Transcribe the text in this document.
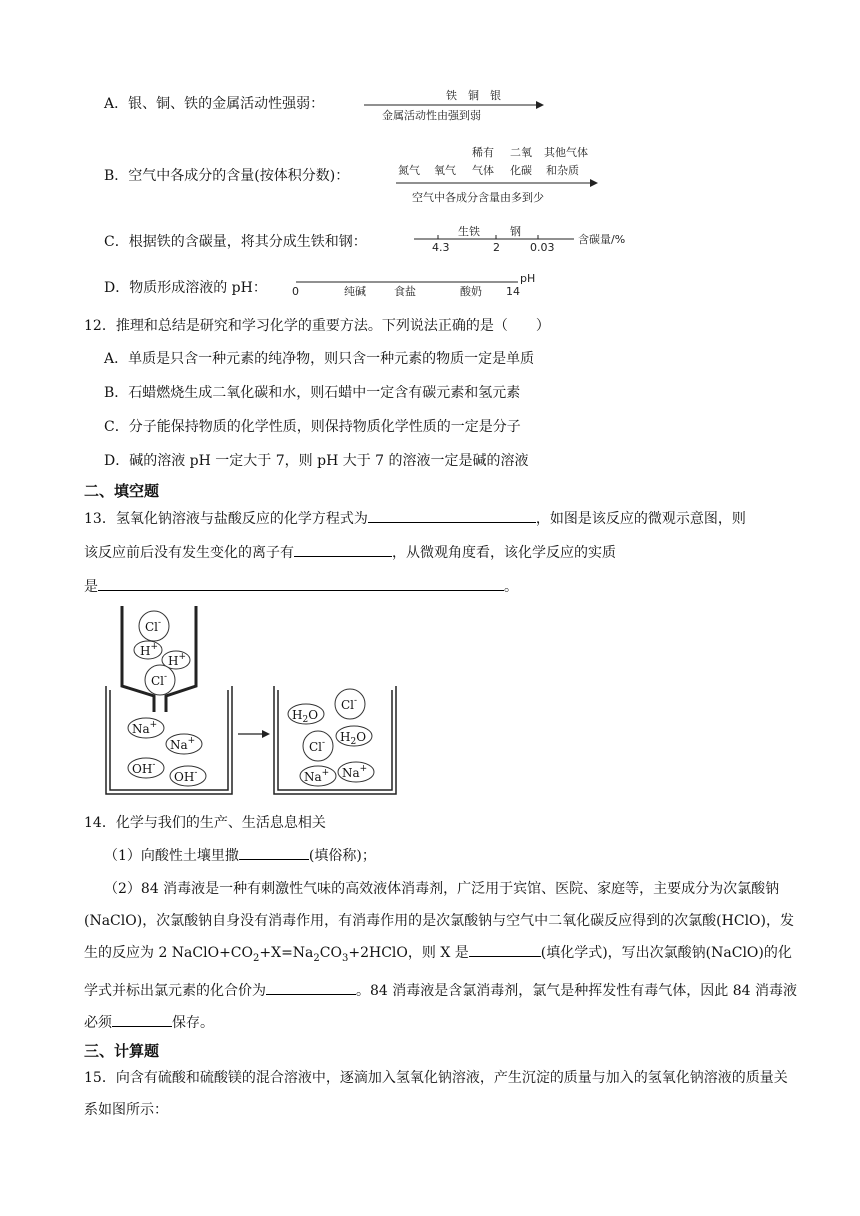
A．银、铜、铁的金属活动性强弱：
铁　铜　银
金属活动性由强到弱
B．空气中各成分的含量(按体积分数)：	氮气 氧气
稀有
气体
二氧
化碳
其他气体
和杂质
空气中各成分含量由多到少
C．根据铁的含碳量，将其分成生铁和钢：
生铁	钢
4.3	2	0.03
含碳量/%
D．物质形成溶液的 pH： 0	纯碱	食盐	酸奶 14
pH
12．推理和总结是研究和学习化学的重要方法。下列说法正确的是（　　）
A．单质是只含一种元素的纯净物，则只含一种元素的物质一定是单质
B．石蜡燃烧生成二氧化碳和水，则石蜡中一定含有碳元素和氢元素
C．分子能保持物质的化学性质，则保持物质化学性质的一定是分子
D．碱的溶液 pH 一定大于 7，则 pH 大于 7 的溶液一定是碱的溶液
二、填空题
13．氢氧化钠溶液与盐酸反应的化学方程式为	，如图是该反应的微观示意图，则
该反应前后没有发生变化的离子有	，从微观角度看，该化学反应的实质
是	。
Cl-
H+
H+
Cl-
Na+
Na+
OH-
OH-
$H_2O$
Cl-
$H_2O$
Cl-
Na+ Na+
14．化学与我们的生产、生活息息相关
（1）向酸性土壤里撒	(填俗称)；
（2）84 消毒液是一种有刺激性气味的高效液体消毒剂，广泛用于宾馆、医院、家庭等，主要成分为次氯酸钠(NaClO)，次氯酸钠自身没有消毒作用，有消毒作用的是次氯酸钠与空气中二氧化碳反应得到的次氯酸(HClO)，发生的反应为 2 $NaClO+CO_2+X=Na_2CO_3+2HClO$，则 X 是	(填化学式)，写出次氯酸钠(NaClO)的化学式并标出氯元素的化合价为	。84 消毒液是含氯消毒剂，氯气是种挥发性有毒气体，因此 84 消毒液必须	保存。
三、计算题
15．向含有硫酸和硫酸镁的混合溶液中，逐滴加入氢氧化钠溶液，产生沉淀的质量与加入的氢氧化钠溶液的质量关系如图所示：
